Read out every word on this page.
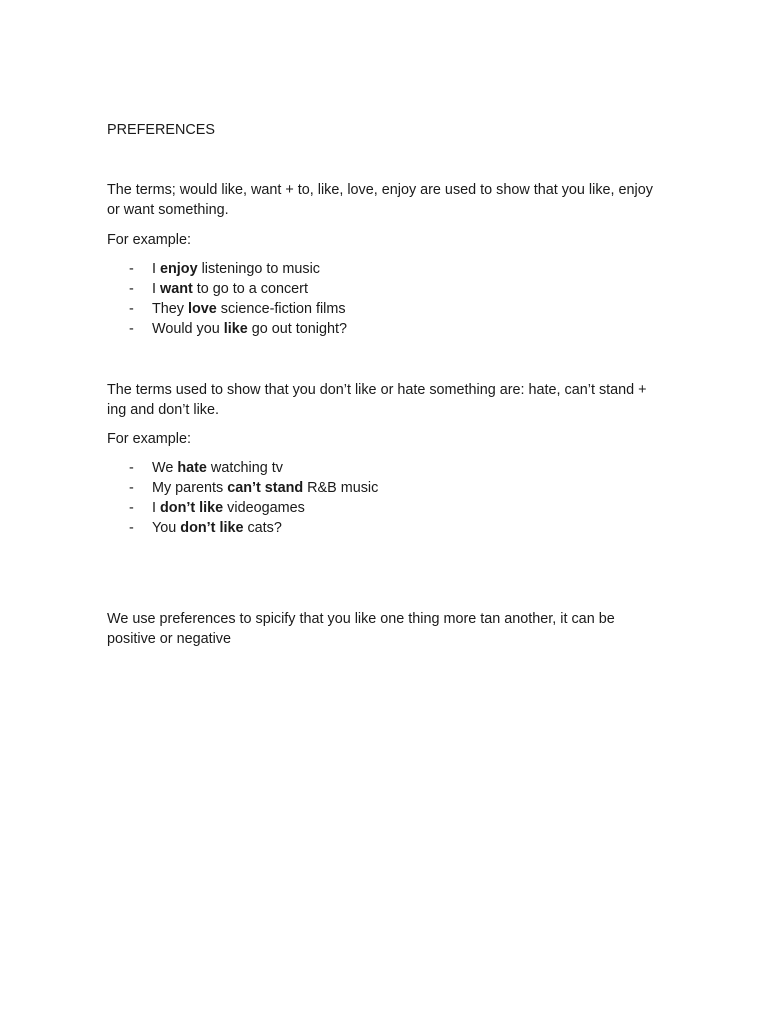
PREFERENCES

The terms; would like, want + to, like, love, enjoy are used to show that you like, enjoy or want something.

For example:

- I enjoy listeningo to music
- I want to go to a concert
- They love science-fiction films
- Would you like go out tonight?

The terms used to show that you don’t like or hate something are: hate, can’t stand + ing and don’t like.

For example:

- We hate watching tv
- My parents can’t stand R&B music
- I don’t like videogames
- You don’t like cats?

We use preferences to spicify that you like one thing more tan another, it can be positive or negative
